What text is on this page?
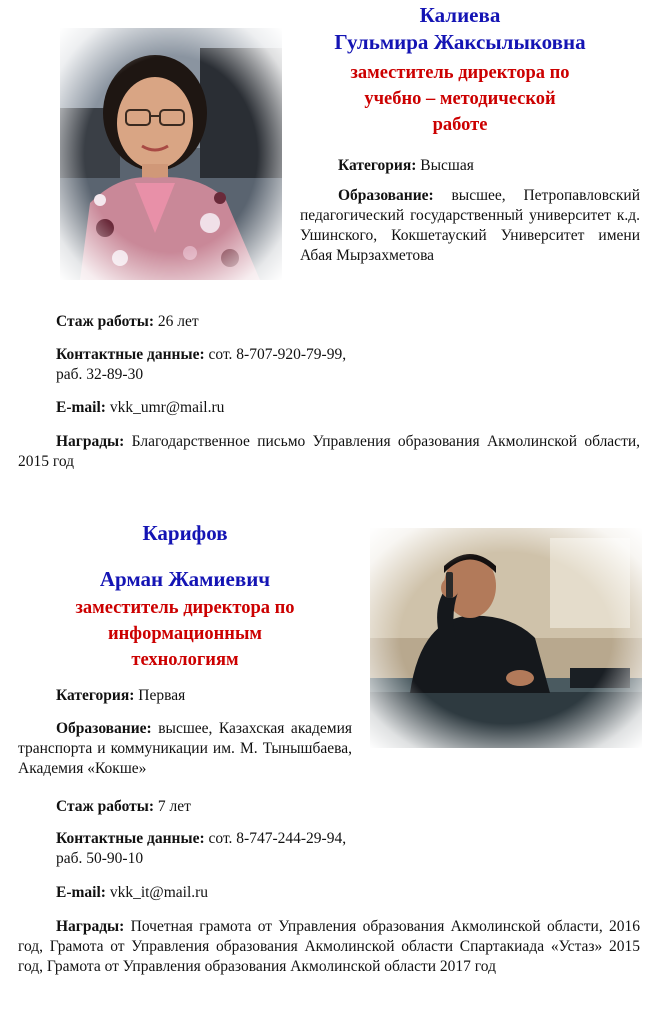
Калиева
Гульмира Жаксылыковна
заместитель директора по
учебно – методической
работе
Категория: Высшая
Образование: высшее, Петропавловский педагогический государственный университет к.д. Ушинского, Кокшетауский Университет имени Абая Мырзахметова
Стаж работы: 26 лет
Контактные данные: сот. 8-707-920-79-99,
раб. 32-89-30
E-mail: vkk_umr@mail.ru
Награды: Благодарственное письмо Управления образования Акмолинской области, 2015 год
Карифов
Арман Жамиевич
заместитель директора по
информационным
технологиям
Категория: Первая
Образование: высшее, Казахская академия транспорта и коммуникации им. М. Тынышбаева, Академия «Кокше»
Стаж работы: 7 лет
Контактные данные: сот. 8-747-244-29-94,
раб. 50-90-10
E-mail: vkk_it@mail.ru
Награды: Почетная грамота от Управления образования Акмолинской области, 2016 год, Грамота от Управления образования Акмолинской области Спартакиада «Устаз» 2015 год, Грамота от Управления образования Акмолинской области 2017 год
